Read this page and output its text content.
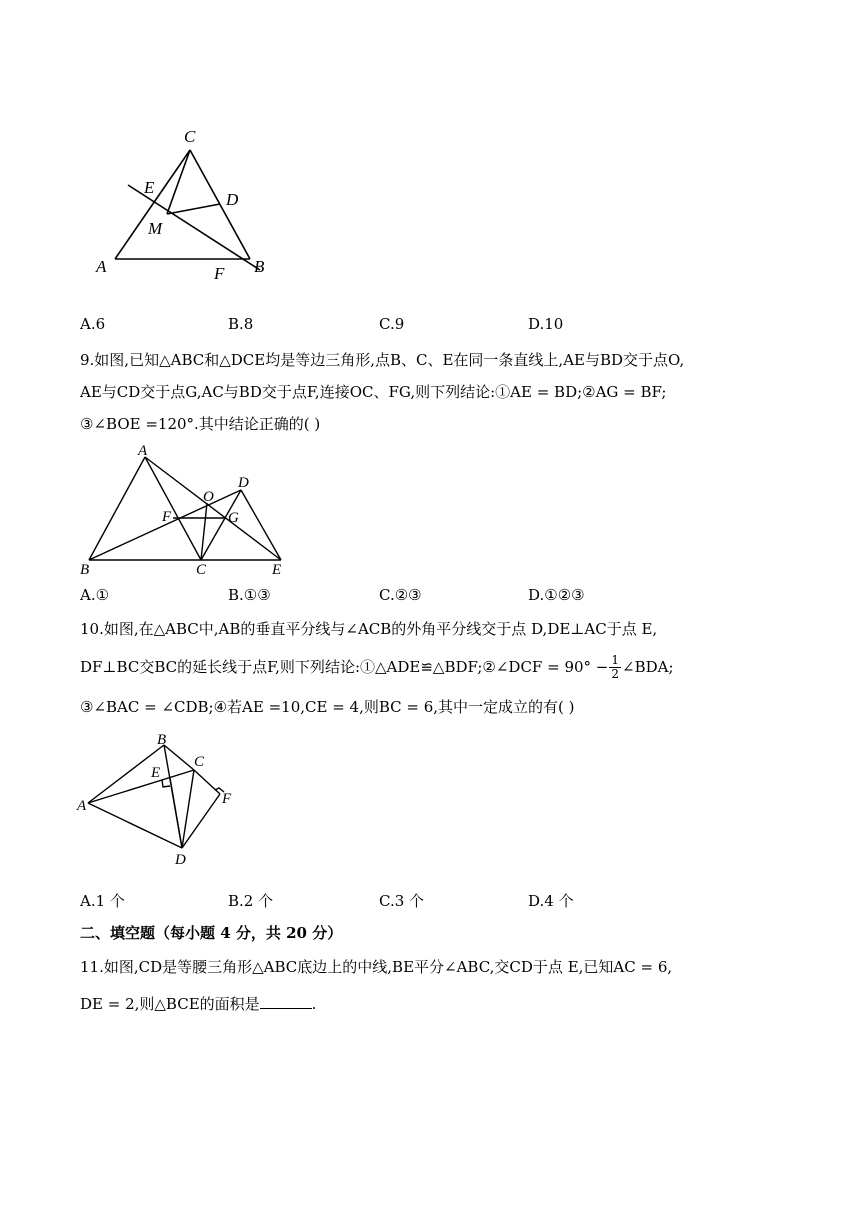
C
E
D
M
A	F B
A.6	B.8	C.9	D.10
9.如图,已知△ABC和△DCE均是等边三角形,点B、C、E在同一条直线上,AE与BD交于点O,
AE与CD交于点G,AC与BD交于点F,连接OC、FG,则下列结论:①AE = BD;②AG = BF;
③∠BOE =120°.其中结论正确的( )
A
O
D
F	G
B	C	E
A.①	B.①③	C.②③	D.①②③
10.如图,在△ABC中,AB的垂直平分线与∠ACB的外角平分线交于点 D,DE⊥AC于点 E,
DF⊥BC交BC的延长线于点F,则下列结论:①△ADE≌△BDF;②∠DCF = $90^\circ - \frac{1}{2}$ ∠BDA;
③∠BAC = ∠CDB;④若AE =10,CE = 4,则BC = 6,其中一定成立的有( )
B
E
C
A	F
D
A.1 个	B.2 个	C.3 个	D.4 个
二、填空题（每小题 4 分，共 20 分）
11.如图,CD是等腰三角形△ABC底边上的中线,BE平分∠ABC,交CD于点 E,已知AC = 6,
DE = 2,则△BCE的面积是	.
